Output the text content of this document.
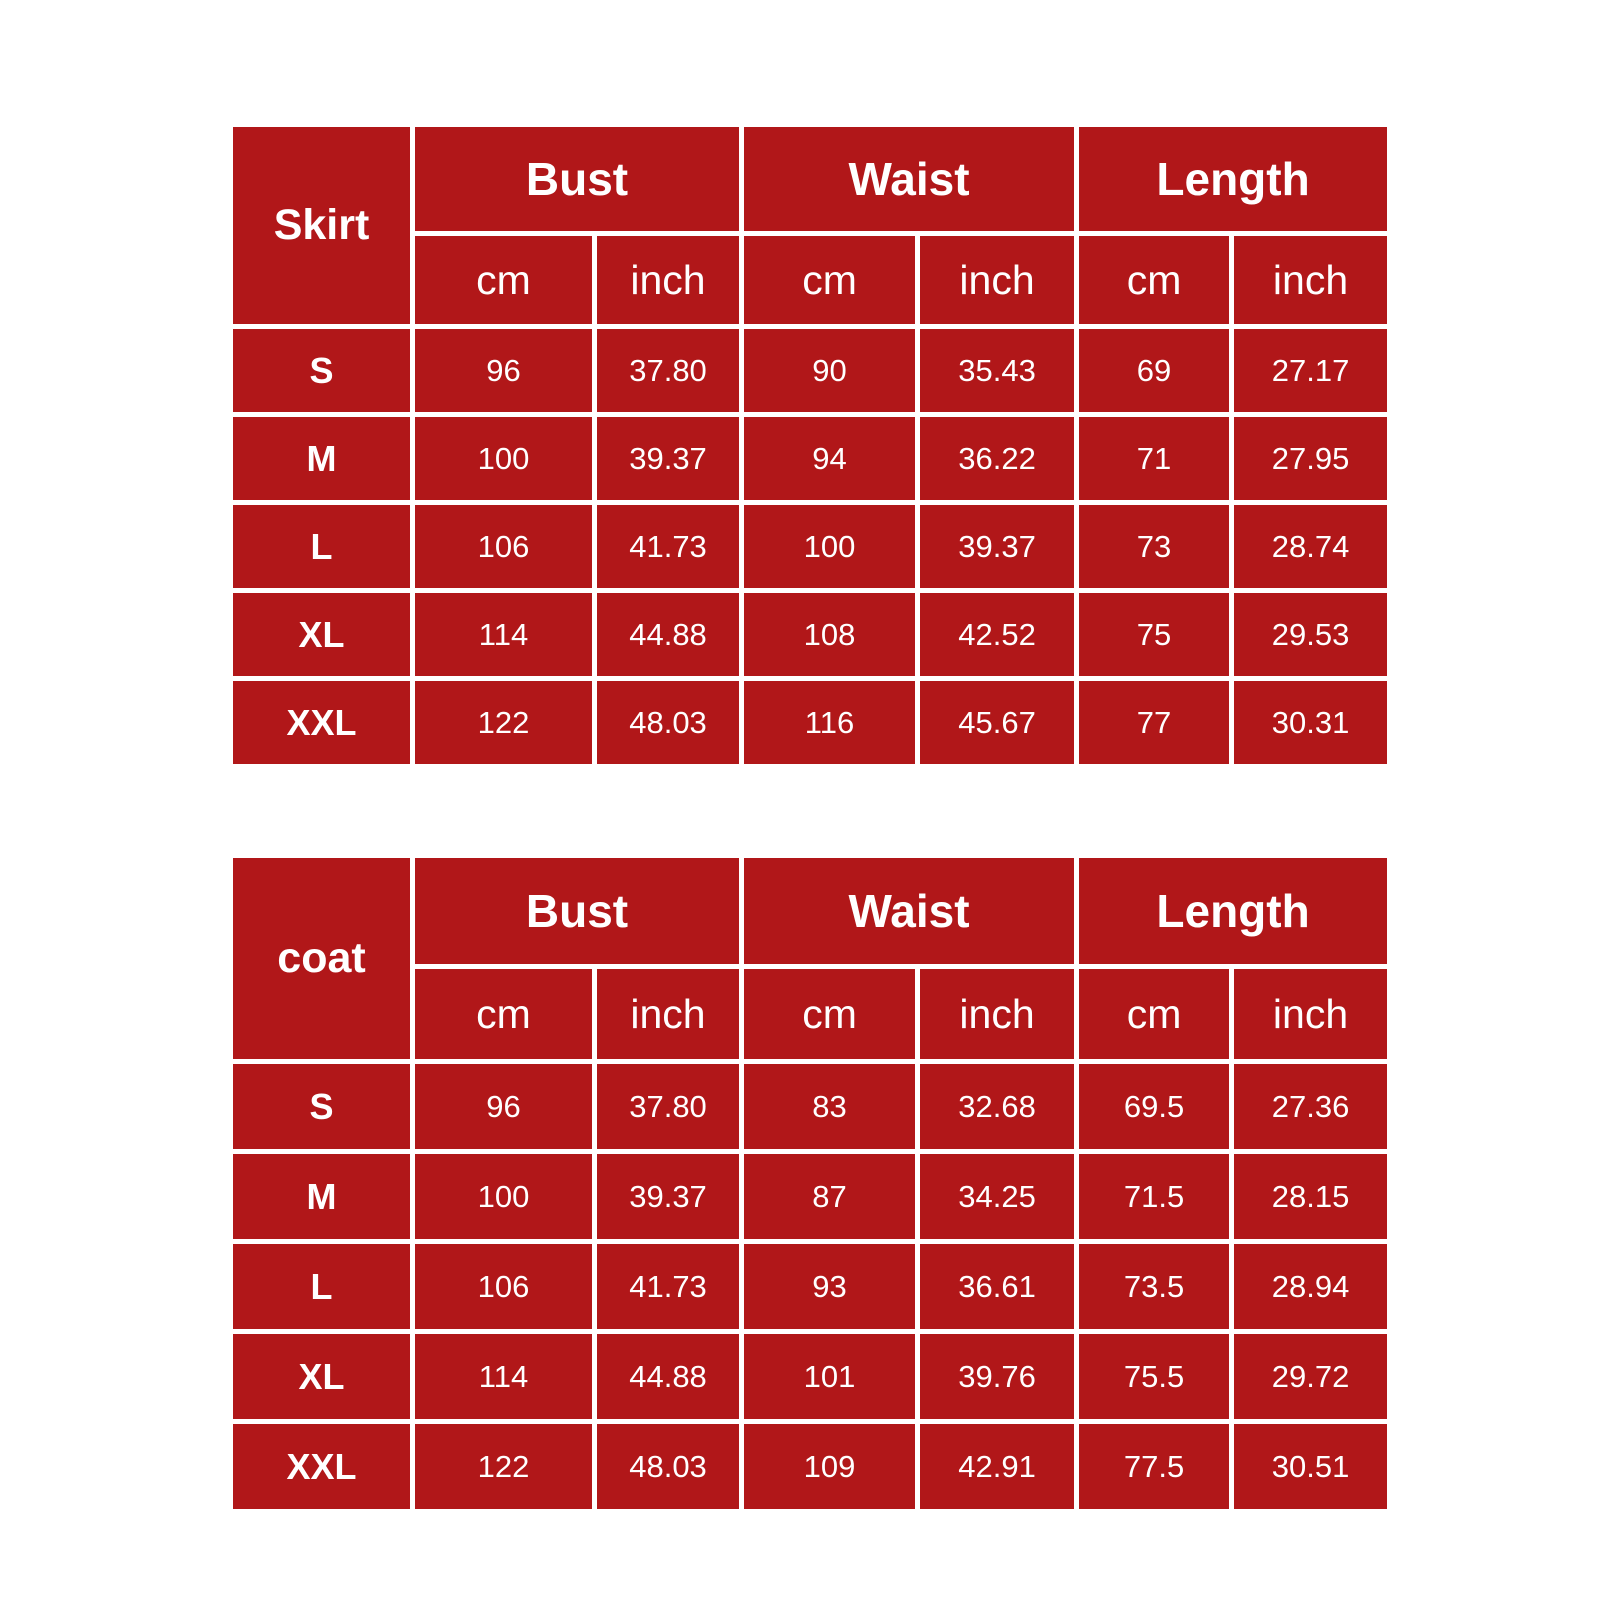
Skirt	Bust		Waist		Length	
	cm	inch	cm	inch	cm	inch
S	96	37.80	90	35.43	69	27.17
M	100	39.37	94	36.22	71	27.95
L	106	41.73	100	39.37	73	28.74
XL	114	44.88	108	42.52	75	29.53
XXL	122	48.03	116	45.67	77	30.31
coat	Bust		Waist		Length	
	cm	inch	cm	inch	cm	inch
S	96	37.80	83	32.68	69.5	27.36
M	100	39.37	87	34.25	71.5	28.15
L	106	41.73	93	36.61	73.5	28.94
XL	114	44.88	101	39.76	75.5	29.72
XXL	122	48.03	109	42.91	77.5	30.51
